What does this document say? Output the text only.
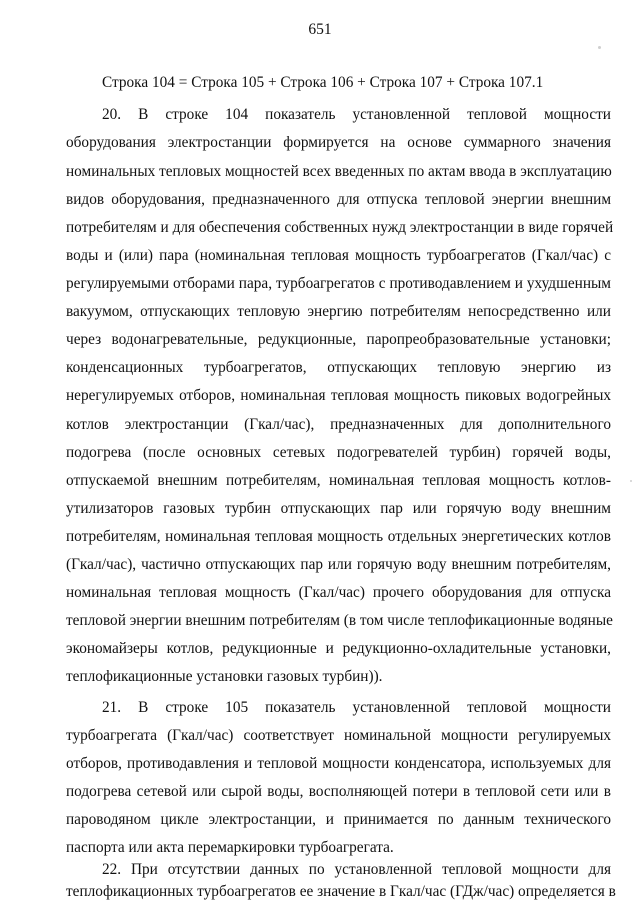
651
Строка 104 = Строка 105 + Строка 106 + Строка 107 + Строка 107.1
20. В строке 104 показатель установленной тепловой мощности
оборудования электростанции формируется на основе суммарного значения
номинальных тепловых мощностей всех введенных по актам ввода в эксплуатацию
видов оборудования, предназначенного для отпуска тепловой энергии внешним
потребителям и для обеспечения собственных нужд электростанции в виде горячей
воды и (или) пара (номинальная тепловая мощность турбоагрегатов (Гкал/час) с
регулируемыми отборами пара, турбоагрегатов с противодавлением и ухудшенным
вакуумом, отпускающих тепловую энергию потребителям непосредственно или
через водонагревательные, редукционные, паропреобразовательные установки;
конденсационных турбоагрегатов, отпускающих тепловую энергию из
нерегулируемых отборов, номинальная тепловая мощность пиковых водогрейных
котлов электростанции (Гкал/час), предназначенных для дополнительного
подогрева (после основных сетевых подогревателей турбин) горячей воды,
отпускаемой внешним потребителям, номинальная тепловая мощность котлов-
утилизаторов газовых турбин отпускающих пар или горячую воду внешним
потребителям, номинальная тепловая мощность отдельных энергетических котлов
(Гкал/час), частично отпускающих пар или горячую воду внешним потребителям,
номинальная тепловая мощность (Гкал/час) прочего оборудования для отпуска
тепловой энергии внешним потребителям (в том числе теплофикационные водяные
экономайзеры котлов, редукционные и редукционно-охладительные установки,
теплофикационные установки газовых турбин)).
21. В строке 105 показатель установленной тепловой мощности
турбоагрегата (Гкал/час) соответствует номинальной мощности регулируемых
отборов, противодавления и тепловой мощности конденсатора, используемых для
подогрева сетевой или сырой воды, восполняющей потери в тепловой сети или в
пароводяном цикле электростанции, и принимается по данным технического
паспорта или акта перемаркировки турбоагрегата.
22. При отсутствии данных по установленной тепловой мощности для
теплофикационных турбоагрегатов ее значение в Гкал/час (ГДж/час) определяется в
